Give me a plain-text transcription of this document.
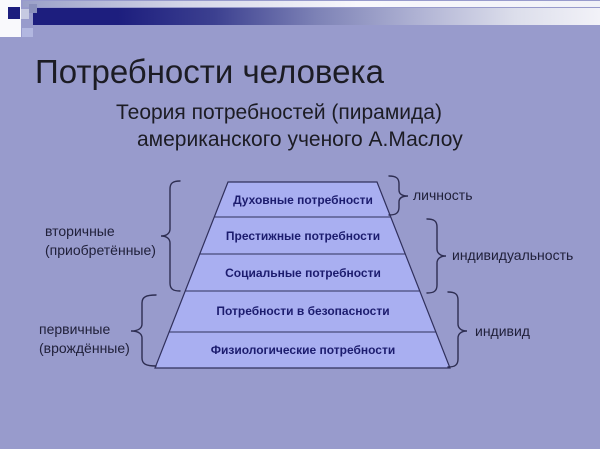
Потребности человека
Теория потребностей (пирамида)
американского ученого А.Маслоу
Духовные потребности
Престижные потребности
Социальные потребности
Потребности в безопасности
Физиологические потребности
вторичные
(приобретённые)
первичные
(врождённые)
личность
индивидуальность
индивид
